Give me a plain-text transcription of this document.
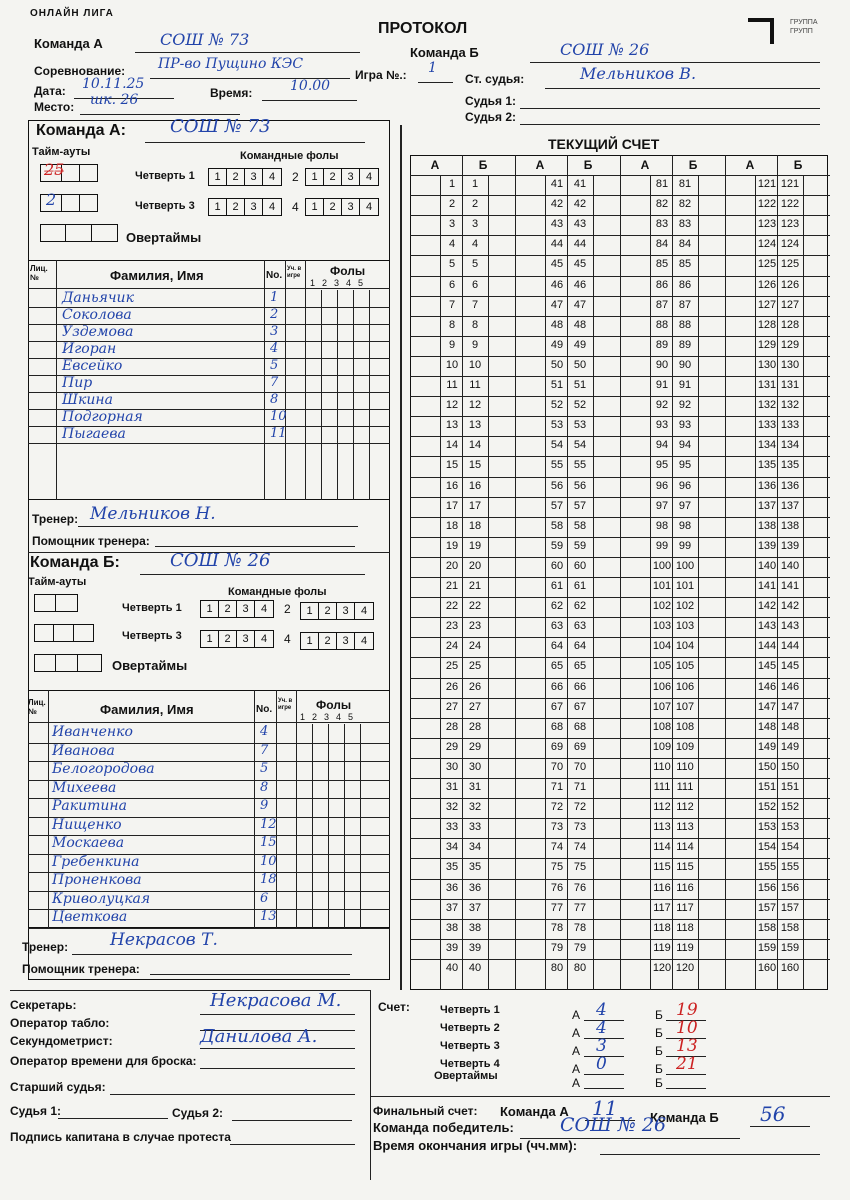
ОНЛАЙН ЛИГА
ПРОТОКОЛ	ГРУППА ГРУПП
Команда А	СОШ № 73
Команда Б	СОШ № 26
Соревнование: ПР-во Пущино КЭС
Игра №.: 1
Ст. судья:	Мельников В.
Дата: 10.11.25
Время:	10.00
Судья 1:
Место: шк. 26
Судья 2:
Команда А: СОШ № 73
Тайм-ауты	Командные фолы
2̶5̶
2
Четверть 1	1	2	3	4	2	1	2	3	4
Четверть 3	1	2	3	4	4	1	2	3	4
Овертаймы
Лиц. №	Фамилия, Имя	No.
Уч. в игре	Фолы
12345
Даньячик	1
Соколова	2
Уздемова	3
Игоран	4
Евсейко	5
Пир	7
Шкина	8
Подгорная	10
Пыгаева	11
Тренер: Мельников Н.
Помощник тренера:
Команда Б:	СОШ № 26
Тайм-ауты
Командные фолы
Четверть 1	1	2	3	4	2	1	2	3	4
Четверть 3	1	2	3	4	4	1	2	3	4
Овертаймы
Лиц. №	Фамилия, Имя	No.
Уч. в игре	Фолы
12345
Иванченко	4
Иванова	7
Белогородова	5
Михеева	8
Ракитина	9
Нищенко	12
Москаева	15
Гребенкина	10
Проненкова	18
Криволуцкая	6
Цветкова	13
Тренер: Некрасов Т.
Помощник тренера:
ТЕКУЩИЙ СЧЕТ
А	Б
1	1
2	2
3	3
4	4
5	5
6	6
7	7
8	8
9	9
10 10
11	11
12 12
13 13
14 14
15 15
16 16
17 17
18 18
19 19
20 20
21 21
22 22
23 23
24 24
25 25
26 26
27 27
28 28
29 29
30 30
31 31
32 32
33 33
34 34
35 35
36 36
37 37
38 38
39 39
40 40
А	Б
41 41
42 42
43 43
44 44
45 45
46 46
47 47
48 48
49 49
50 50
51 51
52 52
53 53
54 54
55 55
56 56
57 57
58 58
59 59
60 60
61 61
62 62
63 63
64 64
65 65
66 66
67 67
68 68
69 69
70 70
71 71
72 72
73 73
74 74
75 75
76 76
77 77
78 78
79 79
80 80
А	Б
81 81
82 82
83 83
84 84
85 85
86 86
87 87
88 88
89 89
90 90
91 91
92 92
93 93
94 94
95 95
96 96
97 97
98 98
99 99
100 100
101 101
102 102
103 103
104 104
105 105
106 106
107 107
108 108
109 109
110 110
111 111
112 112
113 113
114 114
115 115
116 116
117 117
118 118
119 119
120 120
А	Б
121 121
122 122
123 123
124 124
125 125
126 126
127 127
128 128
129 129
130 130
131 131
132 132
133 133
134 134
135 135
136 136
137 137
138 138
139 139
140 140
141 141
142 142
143 143
144 144
145 145
146 146
147 147
148 148
149 149
150 150
151 151
152 152
153 153
154 154
155 155
156 156
157 157
158 158
159 159
160 160
Секретарь:	Некрасова М.
Оператор табло:
Секундометрист:	Данилова А.
Оператор времени для броска:
Старший судья:
Судья 1:	Судья 2:
Подпись капитана в случае протеста
Счет:	Четверть 1	А 4	Б 19
Четверть 2	А 4	Б 10
Четверть 3	А 3	Б 13
Четверть 4	А 0	Б 21
Овертаймы	А	Б
Финальный счет: Команда А 11	Команда Б 56
Команда победитель: СОШ № 26
Время окончания игры (чч.мм):
